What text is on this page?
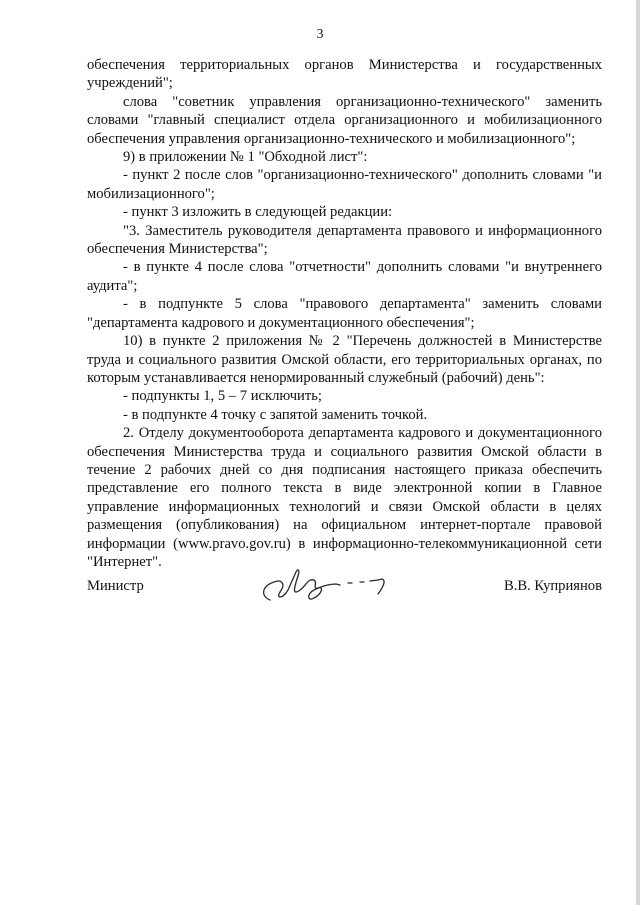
3

обеспечения территориальных органов Министерства и государственных учреждений";

слова "советник управления организационно-технического" заменить словами "главный специалист отдела организационного и мобилизационного обеспечения управления организационно-технического и мобилизационного";

9) в приложении № 1 "Обходной лист":

- пункт 2 после слов "организационно-технического" дополнить словами "и мобилизационного";

- пункт 3 изложить в следующей редакции:

"3. Заместитель руководителя департамента правового и информационного обеспечения Министерства";

- в пункте 4 после слова "отчетности" дополнить словами "и внутреннего аудита";

- в подпункте 5 слова "правового департамента" заменить словами "департамента кадрового и документационного обеспечения";

10) в пункте 2 приложения № 2 "Перечень должностей в Министерстве труда и социального развития Омской области, его территориальных органах, по которым устанавливается ненормированный служебный (рабочий) день":

- подпункты 1, 5 – 7 исключить;

- в подпункте 4 точку с запятой заменить точкой.

2. Отделу документооборота департамента кадрового и документационного обеспечения Министерства труда и социального развития Омской области в течение 2 рабочих дней со дня подписания настоящего приказа обеспечить представление его полного текста в виде электронной копии в Главное управление информационных технологий и связи Омской области в целях размещения (опубликования) на официальном интернет-портале правовой информации (www.pravo.gov.ru) в информационно-телекоммуникационной сети "Интернет".

Министр	В.В. Куприянов
